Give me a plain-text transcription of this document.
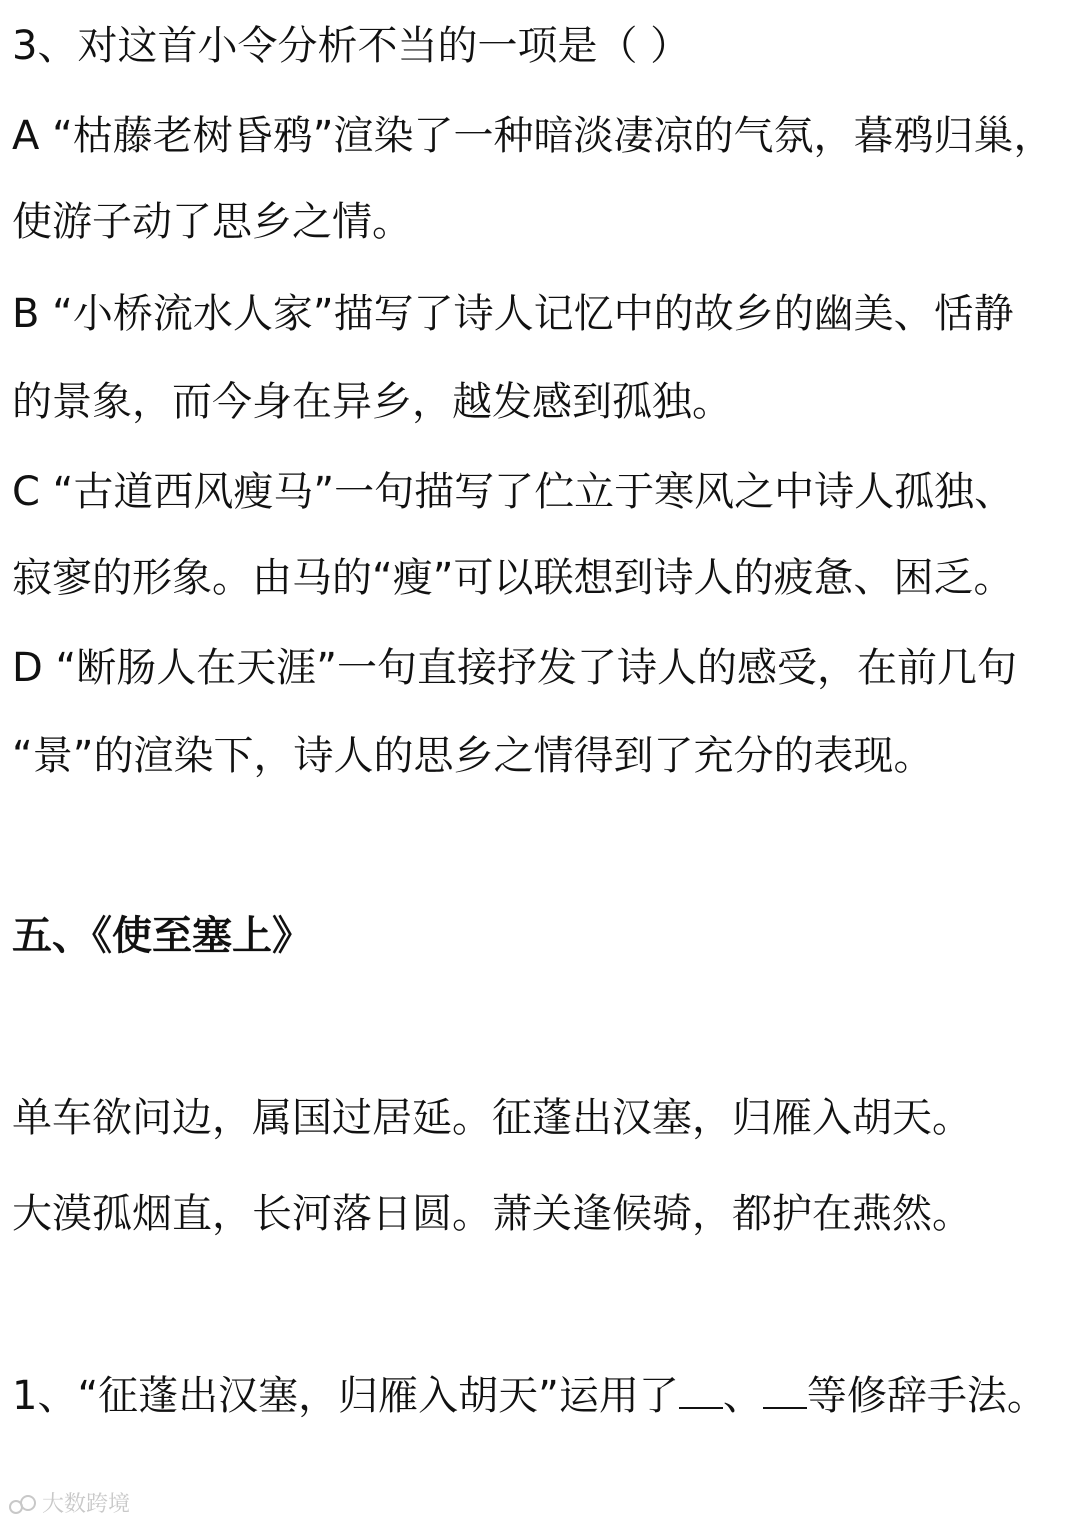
3、对这首小令分析不当的一项是（ ）

A “枯藤老树昏鸦”渲染了一种暗淡凄凉的气氛，暮鸦归巢，

使游子动了思乡之情。

B “小桥流水人家”描写了诗人记忆中的故乡的幽美、恬静

的景象，而今身在异乡，越发感到孤独。

C “古道西风瘦马”一句描写了伫立于寒风之中诗人孤独、

寂寥的形象。由马的“瘦”可以联想到诗人的疲惫、困乏。

D “断肠人在天涯”一句直接抒发了诗人的感受，在前几句

“景”的渲染下，诗人的思乡之情得到了充分的表现。

五、《使至塞上》

单车欲问边，属国过居延。征蓬出汉塞，归雁入胡天。

大漠孤烟直，长河落日圆。萧关逢候骑，都护在燕然。

1、“征蓬出汉塞，归雁入胡天”运用了 、 等修辞手法。

大数跨境
